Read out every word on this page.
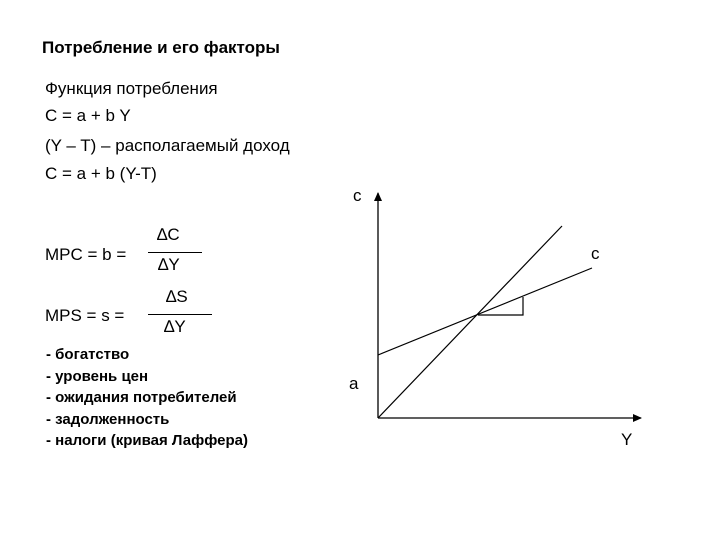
Потребление и его факторы
Функция потребления
C = a + b Y
(Y – T) – располагаемый доход
C = a + b (Y-T)
MPC = b =
∆C
∆Y
MPS = s =
∆S
∆Y
- богатство
- уровень цен
- ожидания потребителей
- задолженность
- налоги (кривая Лаффера)
c
c
a
Y
